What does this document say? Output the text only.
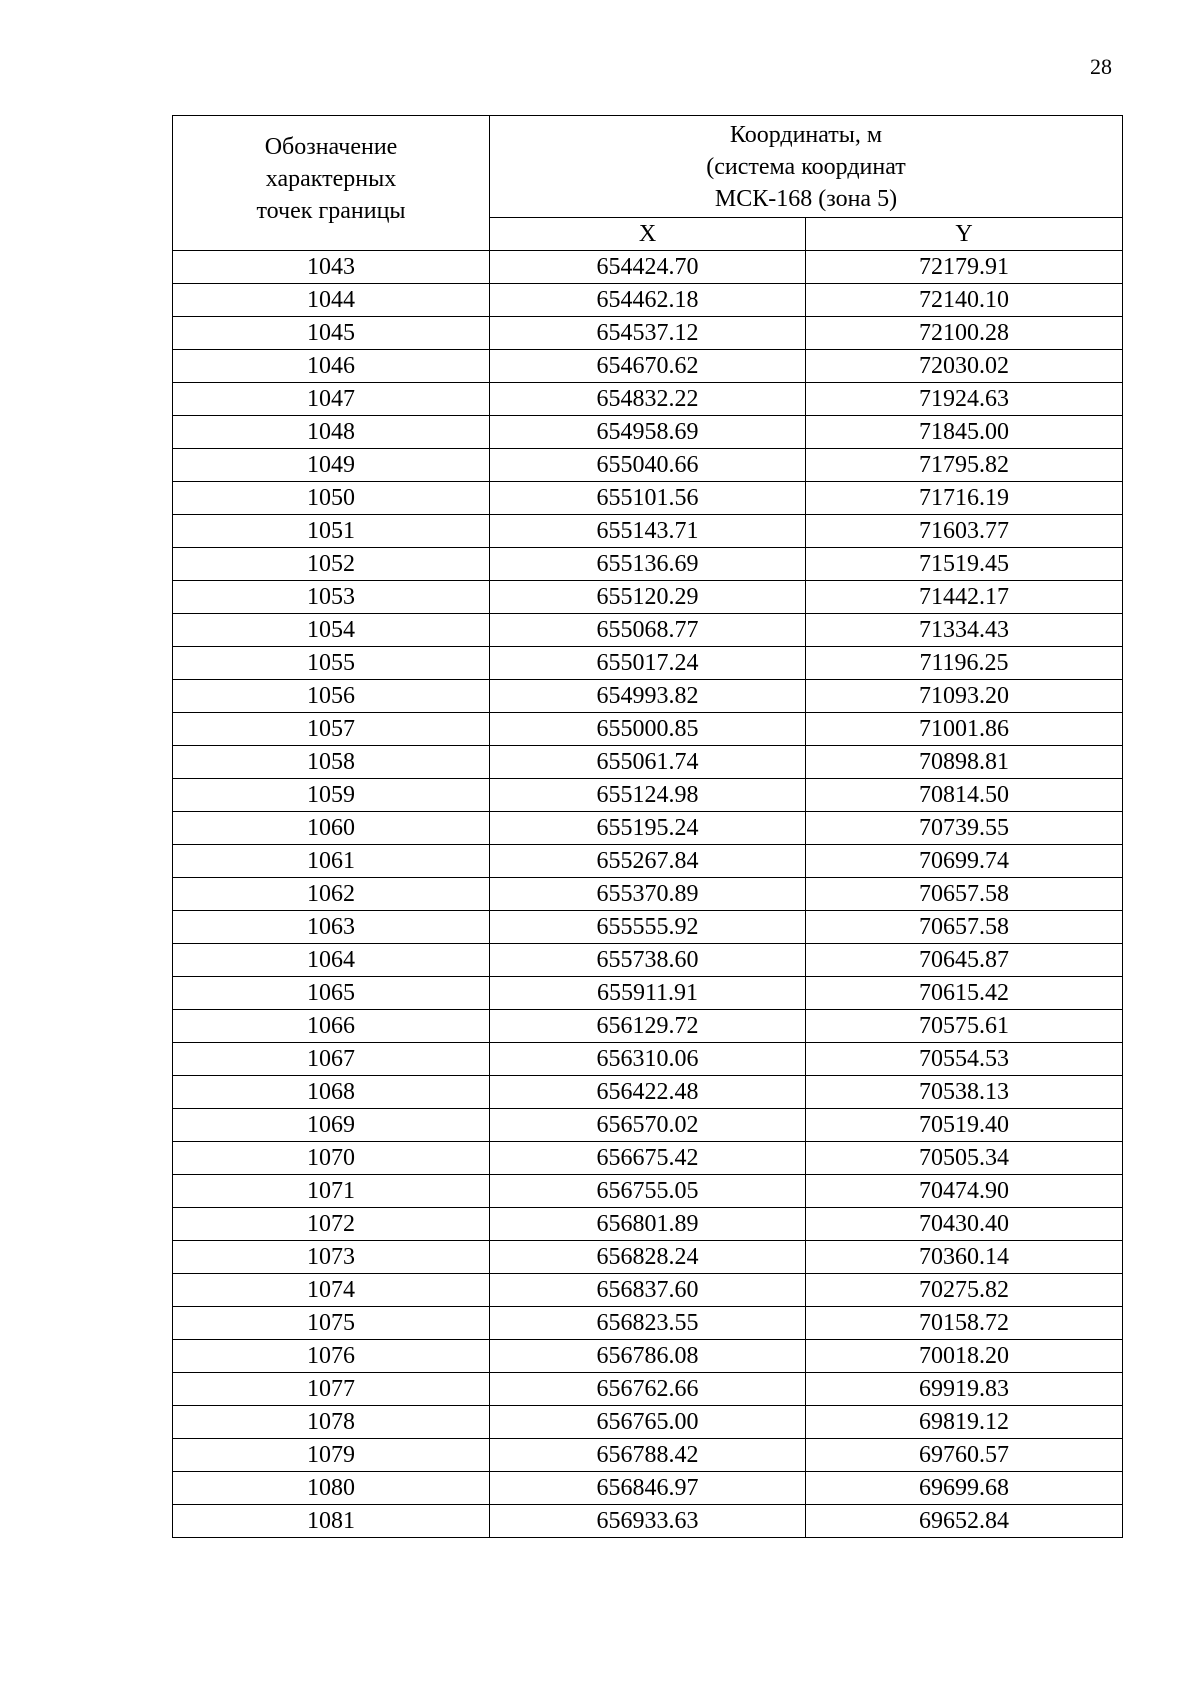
28
Обозначение
характерных
точек границы	Координаты, м
(система координат
МСК-168 (зона 5)	

	X	Y
1043	654424.70	72179.91
1044	654462.18	72140.10
1045	654537.12	72100.28
1046	654670.62	72030.02
1047	654832.22	71924.63
1048	654958.69	71845.00
1049	655040.66	71795.82
1050	655101.56	71716.19
1051	655143.71	71603.77
1052	655136.69	71519.45
1053	655120.29	71442.17
1054	655068.77	71334.43
1055	655017.24	71196.25
1056	654993.82	71093.20
1057	655000.85	71001.86
1058	655061.74	70898.81
1059	655124.98	70814.50
1060	655195.24	70739.55
1061	655267.84	70699.74
1062	655370.89	70657.58
1063	655555.92	70657.58
1064	655738.60	70645.87
1065	655911.91	70615.42
1066	656129.72	70575.61
1067	656310.06	70554.53
1068	656422.48	70538.13
1069	656570.02	70519.40
1070	656675.42	70505.34
1071	656755.05	70474.90
1072	656801.89	70430.40
1073	656828.24	70360.14
1074	656837.60	70275.82
1075	656823.55	70158.72
1076	656786.08	70018.20
1077	656762.66	69919.83
1078	656765.00	69819.12
1079	656788.42	69760.57
1080	656846.97	69699.68
1081	656933.63	69652.84
